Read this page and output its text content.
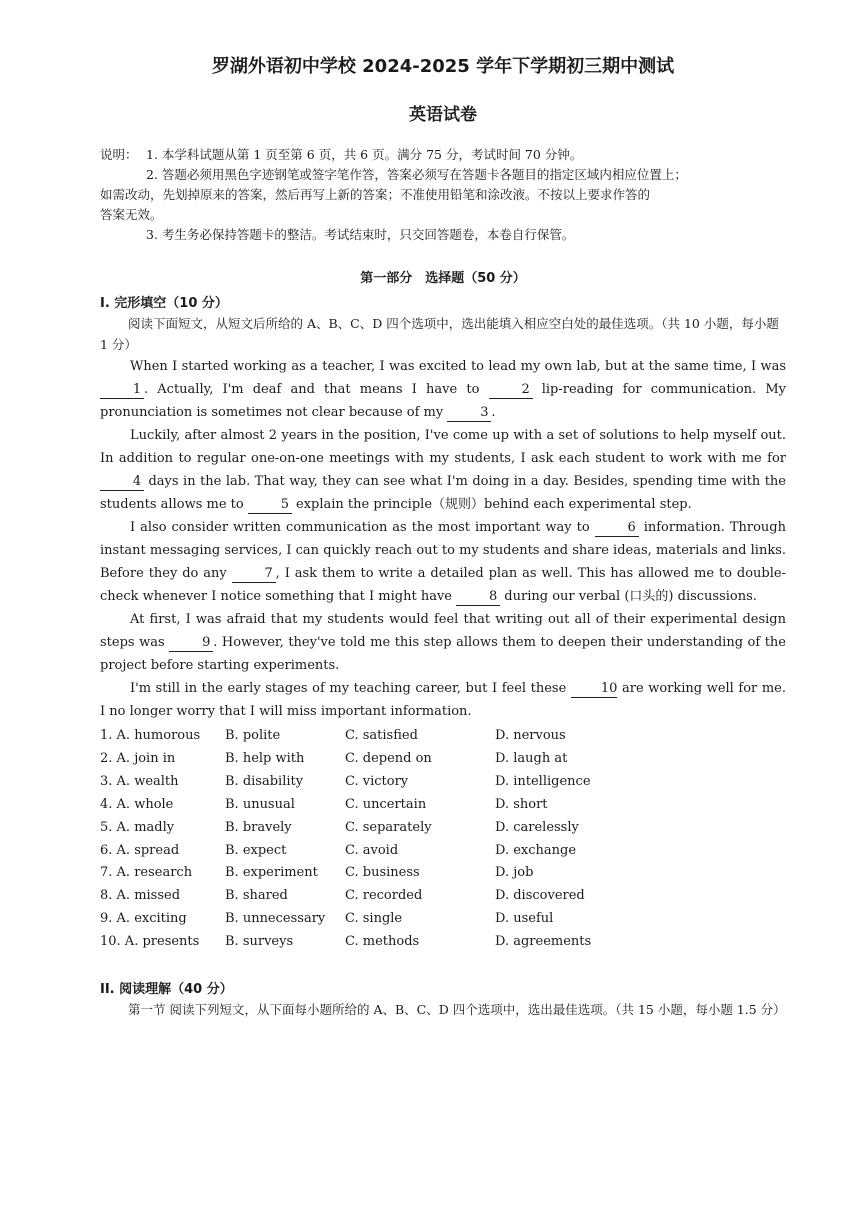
罗湖外语初中学校 2024-2025 学年下学期初三期中测试
英语试卷
说明： 1. 本学科试题从第 1 页至第 6 页，共 6 页。满分 75 分，考试时间 70 分钟。
2. 答题必须用黑色字迹钢笔或签字笔作答，答案必须写在答题卡各题目的指定区域内相应位置上；
如需改动，先划掉原来的答案，然后再写上新的答案；不准使用铅笔和涂改液。不按以上要求作答的
答案无效。
3. 考生务必保持答题卡的整洁。考试结束时，只交回答题卷，本卷自行保管。
第一部分　选择题（50 分）
I. 完形填空（10 分）

阅读下面短文，从短文后所给的 A、B、C、D 四个选项中，选出能填入相应空白处的最佳选项。（共 10 小题，每小题 1 分）

When I started working as a teacher, I was excited to lead my own lab, but at the same time, I was1 . Actually, I'm deaf and that means I have to	2 lip-reading for communication. My pronunciation is sometimes not clear because of my	3 .

Luckily, after almost 2 years in the position, I've come up with a set of solutions to help myself out. In addition to regular one-on-one meetings with my students, I ask each student to work with me for 4 days in the lab. That way, they can see what I'm doing in a day. Besides, spending time with the students allows me to	5 explain the principle（规则）behind each experimental step.

I also consider written communication as the most important way to	6 information. Through instant messaging services, I can quickly reach out to my students and share ideas, materials and links. Before they do any	7 , I ask them to write a detailed plan as well. This has allowed me to double-check whenever I notice something that I might have	8 during our verbal (口头的) discussions.

At first, I was afraid that my students would feel that writing out all of their experimental design steps was	9 . However, they've told me this step allows them to deepen their understanding of the project before starting experiments.

I'm still in the early stages of my teaching career, but I feel these	10 are working well for me. I no longer worry that I will miss important information.

1. A. humorous	B. polite	C. satisfied	D. nervous
2. A. join in	B. help with	C. depend on	D. laugh at
3. A. wealth	B. disability	C. victory	D. intelligence
4. A. whole	B. unusual	C. uncertain	D. short
5. A. madly	B. bravely	C. separately	D. carelessly
6. A. spread	B. expect	C. avoid	D. exchange
7. A. research	B. experiment	C. business	D. job
8. A. missed	B. shared	C. recorded	D. discovered
9. A. exciting	B. unnecessary	C. single	D. useful
10. A. presents	B. surveys	C. methods	D. agreements
II. 阅读理解（40 分）

第一节 阅读下列短文，从下面每小题所给的 A、B、C、D 四个选项中，选出最佳选项。（共 15 小题，每小题 1.5 分）
